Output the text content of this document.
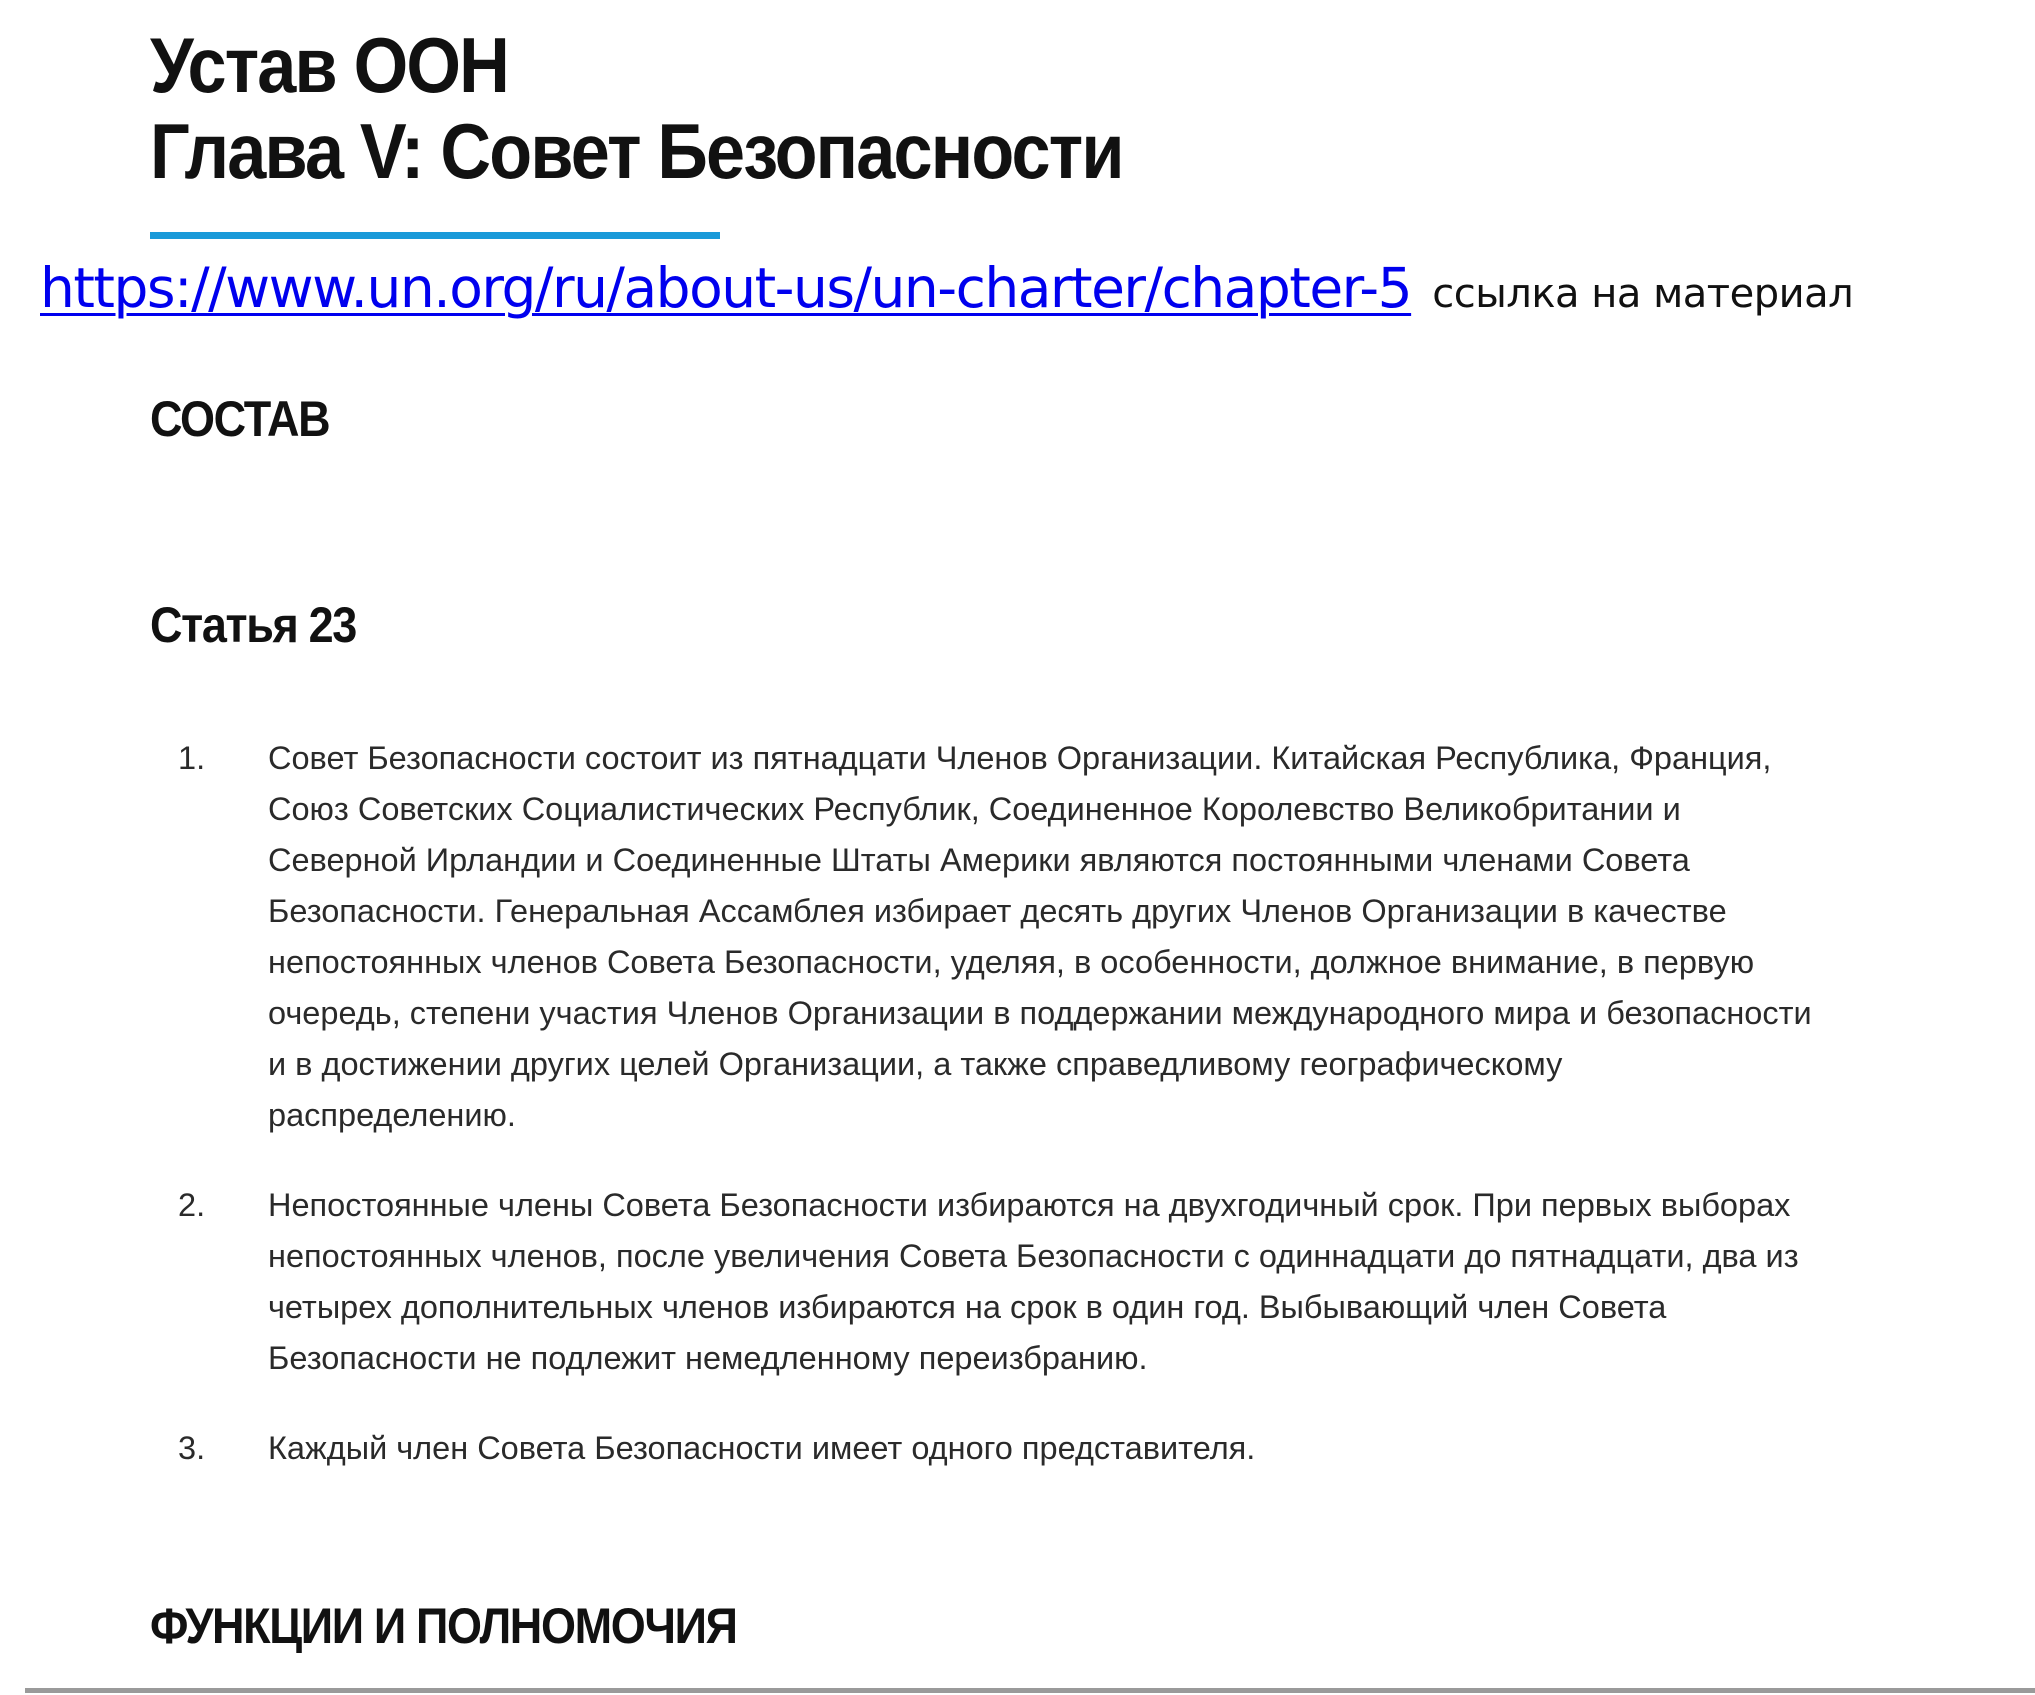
Устав ООН
Глава V: Совет Безопасности
https://www.un.org/ru/about-us/un-charter/chapter-5 ссылка на материал
СОСТАВ
Статья 23
1. Совет Безопасности состоит из пятнадцати Членов Организации. Китайская Республика, Франция, Союз Советских Социалистических Республик, Соединенное Королевство Великобритании и Северной Ирландии и Соединенные Штаты Америки являются постоянными членами Совета Безопасности. Генеральная Ассамблея избирает десять других Членов Организации в качестве непостоянных членов Совета Безопасности, уделяя, в особенности, должное внимание, в первую очередь, степени участия Членов Организации в поддержании международного мира и безопасности и в достижении других целей Организации, а также справедливому географическому распределению.
2. Непостоянные члены Совета Безопасности избираются на двухгодичный срок. При первых выборах непостоянных членов, после увеличения Совета Безопасности с одиннадцати до пятнадцати, два из четырех дополнительных членов избираются на срок в один год. Выбывающий член Совета Безопасности не подлежит немедленному переизбранию.
3. Каждый член Совета Безопасности имеет одного представителя.
ФУНКЦИИ И ПОЛНОМОЧИЯ
